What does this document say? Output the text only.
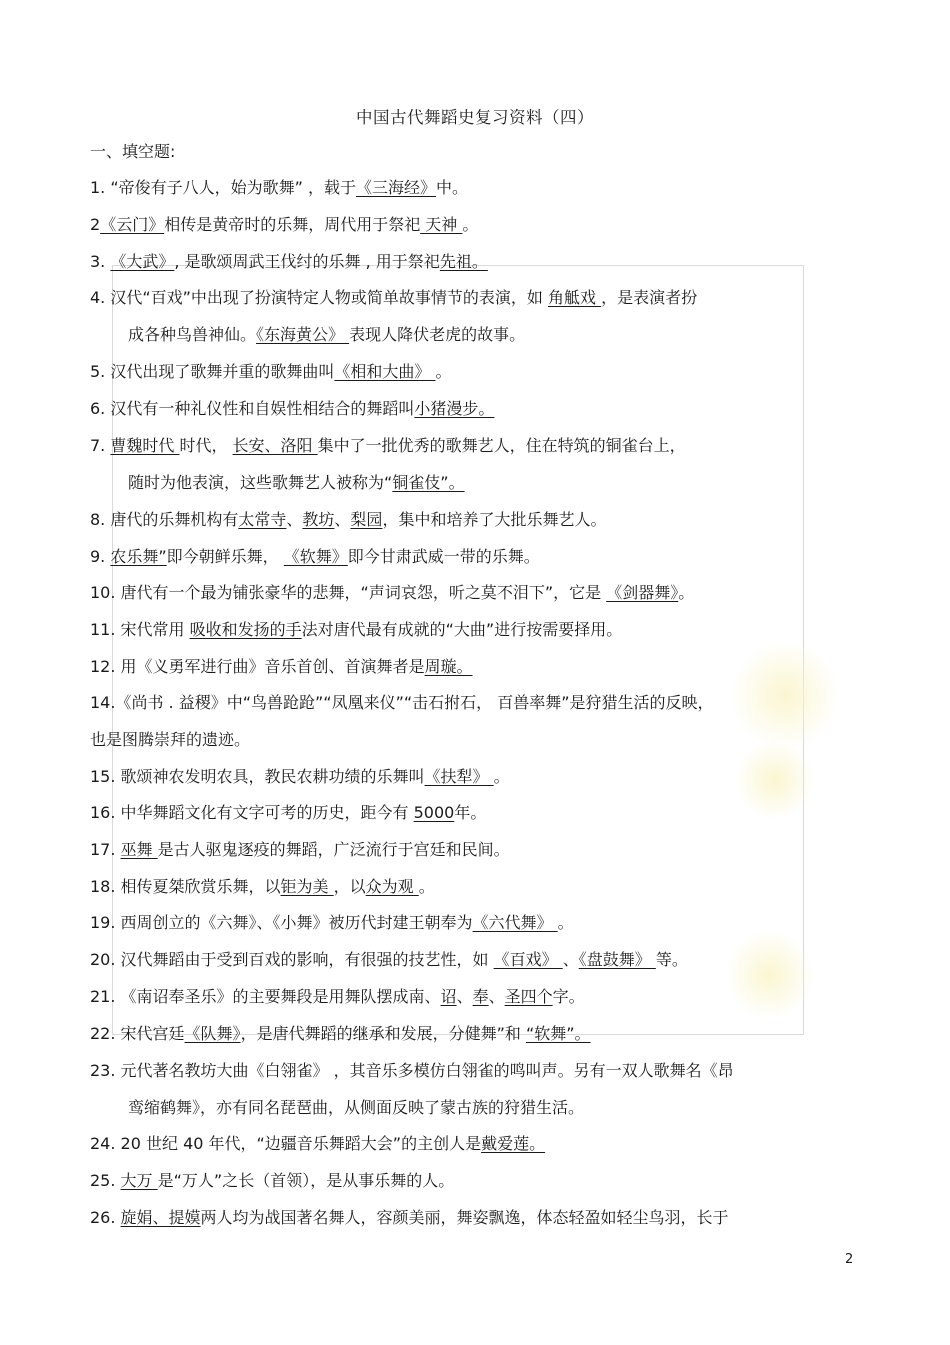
中国古代舞蹈史复习资料（四）
一、填空题:
1. “帝俊有子八人，始为歌舞” ，载于《三海经》中。
2《云门》相传是黄帝时的乐舞，周代用于祭祀 天神 。
3. 《大武》, 是歌颂周武王伐纣的乐舞 , 用于祭祀先祖。
4. 汉代“百戏”中出现了扮演特定人物或简单故事情节的表演，如 角觝戏 ，是表演者扮
成各种鸟兽神仙。《东海黄公》 表现人降伏老虎的故事。
5. 汉代出现了歌舞并重的歌舞曲叫《相和大曲》 。
6. 汉代有一种礼仪性和自娱性相结合的舞蹈叫小猪漫步。
7. 曹魏时代 时代， 长安、洛阳 集中了一批优秀的歌舞艺人，住在特筑的铜雀台上，
随时为他表演，这些歌舞艺人被称为“铜雀伎”。
8. 唐代的乐舞机构有太常寺、教坊、梨园，集中和培养了大批乐舞艺人。
9. 农乐舞”即今朝鲜乐舞， 《软舞》即今甘肃武威一带的乐舞。
10. 唐代有一个最为铺张豪华的悲舞，“声词哀怨，听之莫不泪下”，它是 《剑器舞》。
11. 宋代常用 吸收和发扬的手法对唐代最有成就的“大曲”进行按需要择用。
12. 用《义勇军进行曲》音乐首创、首演舞者是周璇。
14.《尚书 . 益稷》中“鸟兽跄跄”“凤凰来仪”“击石拊石， 百兽率舞”是狩猎生活的反映，
也是图腾崇拜的遗迹。
15. 歌颂神农发明农具，教民农耕功绩的乐舞叫《扶犁》 。
16. 中华舞蹈文化有文字可考的历史，距今有 5000年。
17. 巫舞 是古人驱鬼逐疫的舞蹈，广泛流行于宫廷和民间。
18. 相传夏桀欣赏乐舞，以钜为美 ，以众为观 。
19. 西周创立的《六舞》、《小舞》被历代封建王朝奉为《六代舞》 。
20. 汉代舞蹈由于受到百戏的影响，有很强的技艺性，如 《百戏》 、《盘鼓舞》 等。
21. 《南诏奉圣乐》的主要舞段是用舞队摆成南、诏、奉、圣四个字。
22. 宋代宫廷《队舞》，是唐代舞蹈的继承和发展，分健舞”和 “软舞”。
23. 元代著名教坊大曲《白翎雀》 ，其音乐多模仿白翎雀的鸣叫声。另有一双人歌舞名《昂
鸾缩鹤舞》，亦有同名琵琶曲，从侧面反映了蒙古族的狩猎生活。
24. 20 世纪 40 年代，“边疆音乐舞蹈大会”的主创人是戴爱莲。
25. 大万 是“万人”之长（首领），是从事乐舞的人。
26. 旋娟、提嫫两人均为战国著名舞人，容颜美丽，舞姿飘逸，体态轻盈如轻尘鸟羽，长于
2
